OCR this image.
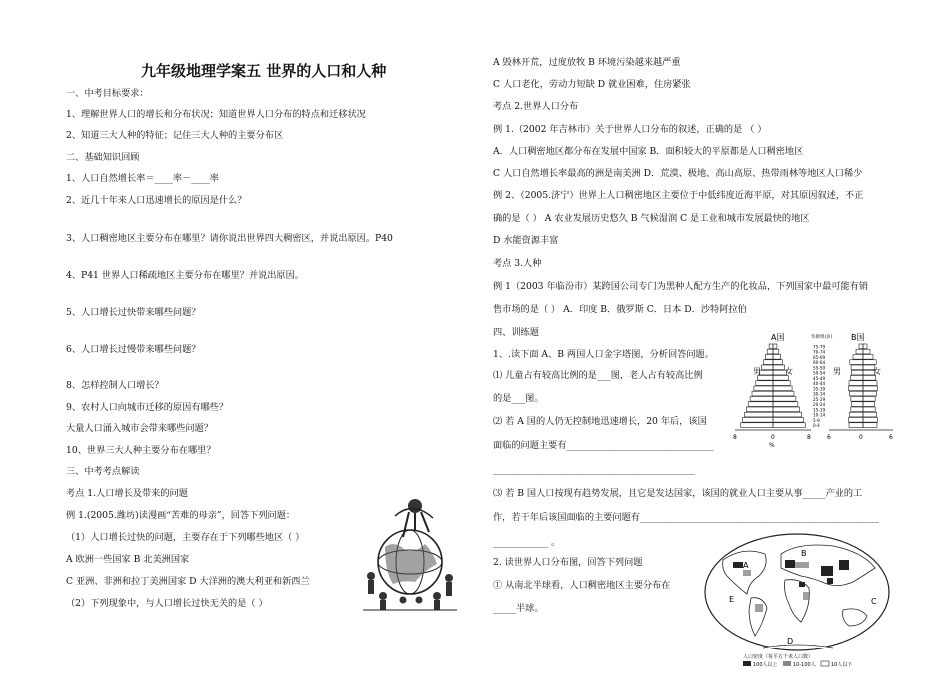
九年级地理学案五 世界的人口和人种
一、中考目标要求：
1、理解世界人口的增长和分布状况；知道世界人口分布的特点和迁移状况
2、知道三大人种的特征；记住三大人种的主要分布区
二、基础知识回顾
1、人口自然增长率＝____率－____率
2、近几十年来人口迅速增长的原因是什么？
3、人口稠密地区主要分布在哪里？请你说出世界四大稠密区，并说出原因。P40
4、P41 世界人口稀疏地区主要分布在哪里？并说出原因。
5、人口增长过快带来哪些问题？
6、人口增长过慢带来哪些问题？
8、怎样控制人口增长？
9、农村人口向城市迁移的原因有哪些？
大量人口涌入城市会带来哪些问题？
10、世界三大人种主要分布在哪里？
三、中考考点解读
考点 1.人口增长及带来的问题
例 1.(2005.潍坊)读漫画“苦难的母亲”，回答下列问题：
（1）人口增长过快的问题，主要存在于下列哪些地区（ ）
A 欧洲一些国家 B 北美洲国家
C 亚洲、非洲和拉丁美洲国家 D 大洋洲的澳大利亚和新西兰
（2）下列现象中，与人口增长过快无关的是（ ）
A 毁林开荒，过度放牧 B 环境污染越来越严重
C 人口老化，劳动力短缺 D 就业困难，住房紧张
考点 2.世界人口分布
例 1.（2002 年吉林市）关于世界人口分布的叙述，正确的是 （ ）
A．人口稠密地区都分布在发展中国家 B．面积较大的平原都是人口稠密地区
C 人口自然增长率最高的洲是南美洲 D．荒漠、极地、高山高原、热带雨林等地区人口稀少
例 2、（2005.济宁）世界上人口稠密地区主要位于中低纬度近海平原，对其原因叙述，不正
确的是（ ） A 农业发展历史悠久 B 气候湿润 C 是工业和城市发展最快的地区
D 水能资源丰富
考点 3.人种
例 1（2003 年临汾市）某跨国公司专门为黑种人配方生产的化妆品，下列国家中最可能有销
售市场的是（ ） A．印度 B．俄罗斯 C．日本 D．沙特阿拉伯
四、训练题
1、.读下面 A、B 两国人口金字塔图，分析回答问题。
⑴ 儿童占有较高比例的是___图，老人占有较高比例
的是___图。
⑵ 若 A 国的人仍无控制地迅速增长，20 年后，该国
面临的问题主要有________________________________
____________________________________________
⑶ 若 B 国人口按现有趋势发展，且它是发达国家，该国的就业人口主要从事_____产业的工
作，若干年后该国面临的主要问题有____________________________________________________
____________ 。
2. 读世界人口分布图，回答下列问题
① 从南北半球看，人口稠密地区主要分布在
_____半球。
A国	B国
年龄组(岁)
男	女	男	女
75-79
70-74
65-69
60-64
55-59
50-54
45-49
40-44
35-39
30-34
25-29
20-24
15-19
10-14
5-9
0-4
8	0	8	6	0	6
%
A
B
C
D
E
人口密度（每平方千米人口数）
100人以上	10-100人	10人以下
